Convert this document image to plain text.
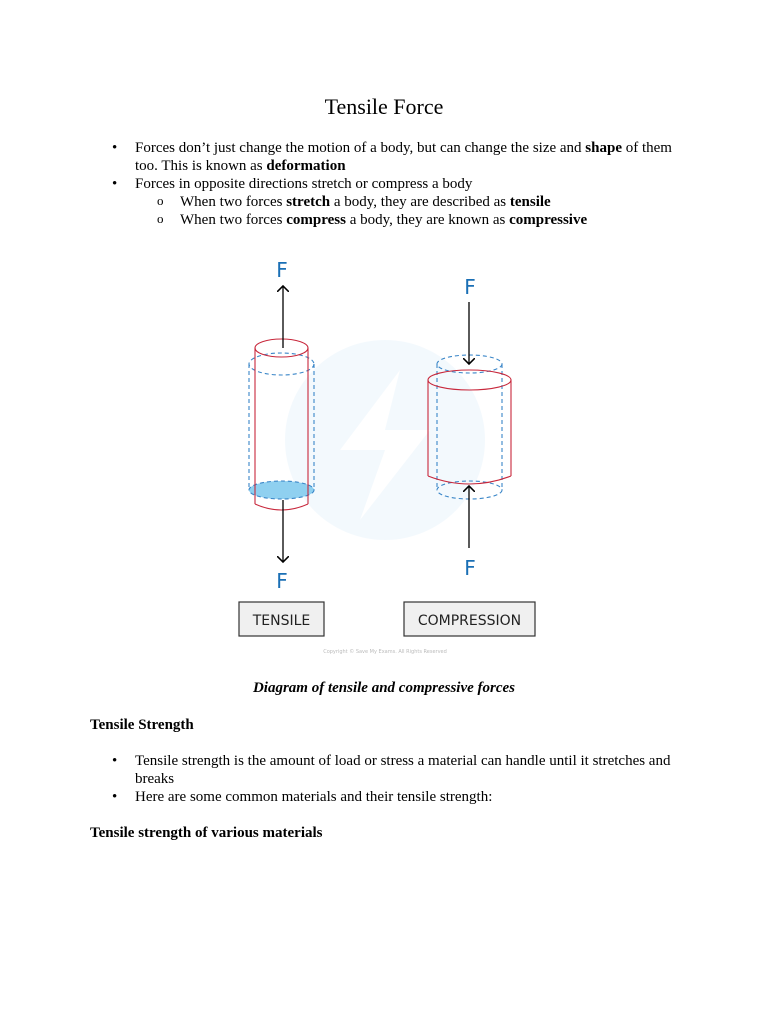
Tensile Force
• Forces don’t just change the motion of a body, but can change the size and shape of them too. This is known as deformation
• Forces in opposite directions stretch or compress a body
o When two forces stretch a body, they are described as tensile
o When two forces compress a body, they are known as compressive
F
F
F
F
TENSILE	COMPRESSION
Copyright © Save My Exams. All Rights Reserved
Diagram of tensile and compressive forces
Tensile Strength
• Tensile strength is the amount of load or stress a material can handle until it stretches and breaks
• Here are some common materials and their tensile strength:
Tensile strength of various materials
